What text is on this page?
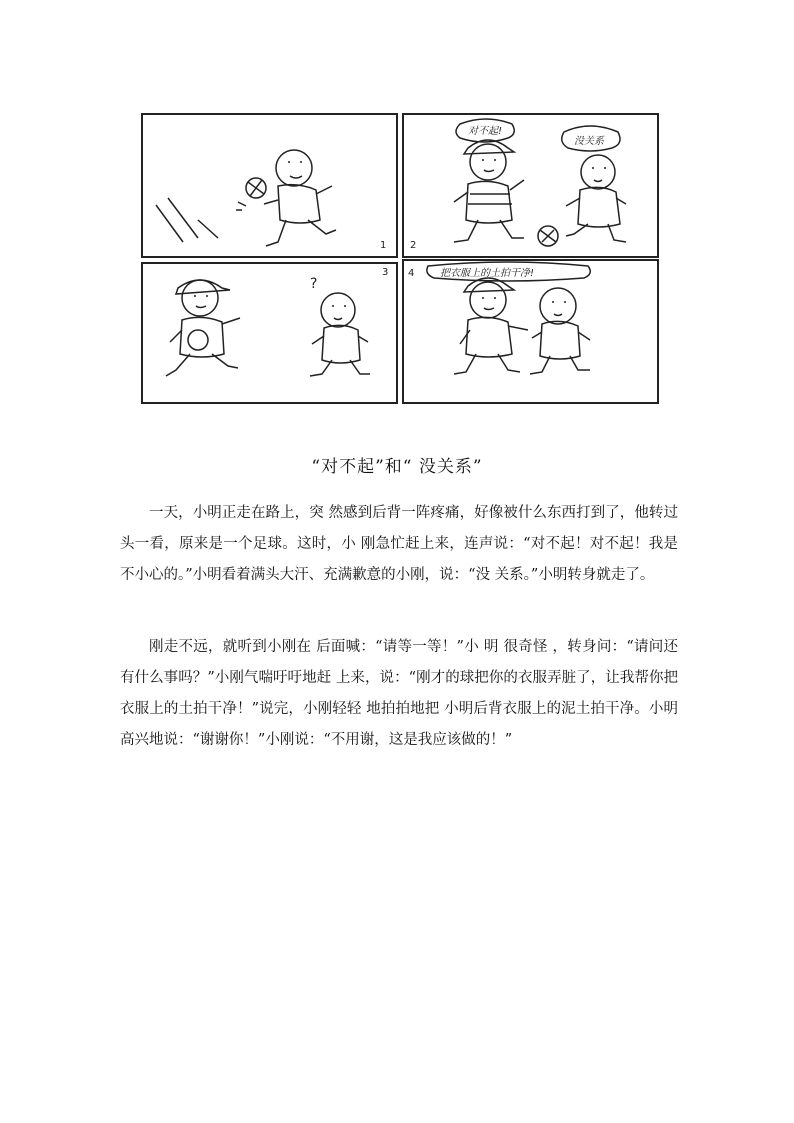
1
对不起!
没关系
2
?
3	把衣服上的土拍干净!
4
“对不起”和“ 没关系”

一天，小明正走在路上，突 然感到后背一阵疼痛，好像被什么东西打到了，他转过 头一看，原来是一个足球。这时，小 刚急忙赶上来，连声说：“对不起！对不起！我是不小心的。”小明看着满头大汗、充满歉意的小刚，说：“没 关系。”小明转身就走了。

刚走不远，就听到小刚在 后面喊：“请等一等！”小 明 很奇怪 ，转身问：“请问还有什么事吗？”小刚气喘吁吁地赶 上来，说：“刚才的球把你的衣服弄脏了，让我帮你把衣服上的土拍干净！”说完，小刚轻轻 地拍拍地把 小明后背衣服上的泥土拍干净。小明高兴地说：“谢谢你！”小刚说：“不用谢，这是我应该做的！”
